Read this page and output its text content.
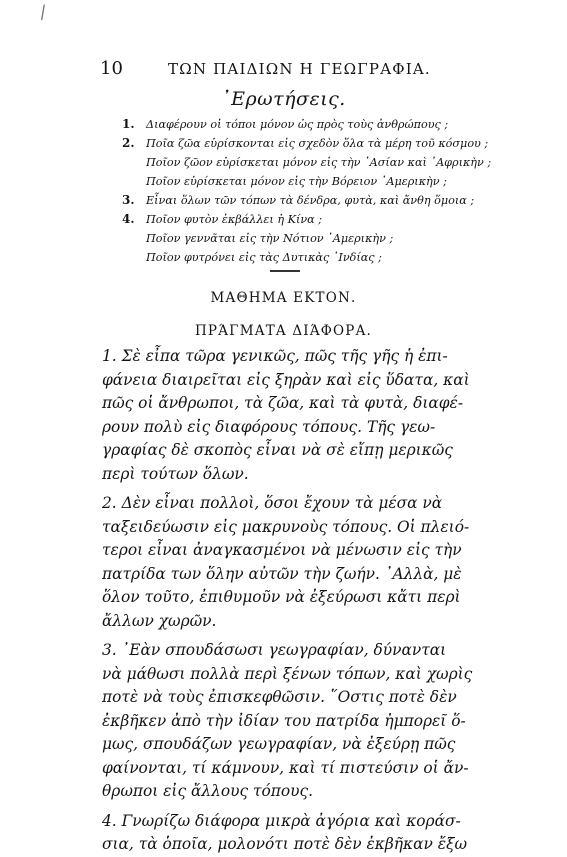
/
10	ΤΩΝ ΠΑΙΔΙΩΝ Η ΓΕΩΓΡΑΦΙΑ.
᾿Ερωτήσεις.
1. Διαφέρουν οἱ τόποι μόνον ὡς πρὸς τοὺς ἀνθρώπους ;
2. Ποῖα ζῶα εὑρίσκονται εἰς σχεδὸν ὅλα τὰ μέρη τοῦ κόσμου ;
Ποῖον ζῶον εὑρίσκεται μόνον εἰς τὴν ᾿Ασίαν καὶ ᾿Αφρικὴν ;
Ποῖον εὑρίσκεται μόνον εἰς τὴν Βόρειον ᾿Αμερικὴν ;
3. Εἶναι ὅλων τῶν τόπων τὰ δένδρα, φυτὰ, καὶ ἄνθη ὅμοια ;
4. Ποῖον φυτὸν ἐκβάλλει ἡ Κίνα ;
Ποῖον γεννᾶται εἰς τὴν Νότιον ᾿Αμερικὴν ;
Ποῖον φυτρόνει εἰς τὰς Δυτικὰς ᾿Ινδίας ;
ΜΑΘΗΜΑ ΕΚΤΟΝ.
ΠΡΆΓΜΑΤΑ ΔΙΆΦΟΡΑ.
1. Σὲ εἶπα τῶρα γενικῶς, πῶς τῆς γῆς ἡ ἐπι-
φάνεια διαιρεῖται εἰς ξηρὰν καὶ εἰς ὕδατα, καὶ
πῶς οἱ ἄνθρωποι, τὰ ζῶα, καὶ τὰ φυτὰ, διαφέ-
ρουν πολὺ εἰς διαφόρους τόπους. Τῆς γεω-
γραφίας δὲ σκοπὸς εἶναι νὰ σὲ εἴπῃ μερικῶς
περὶ τούτων ὅλων.
2. Δὲν εἶναι πολλοὶ, ὅσοι ἔχουν τὰ μέσα νὰ
ταξειδεύωσιν εἰς μακρυνοὺς τόπους. Οἱ πλειό-
τεροι εἶναι ἀναγκασμένοι νὰ μένωσιν εἰς τὴν
πατρίδα των ὅλην αὐτῶν τὴν ζωήν. ᾿Αλλὰ, μὲ
ὅλον τοῦτο, ἐπιθυμοῦν νὰ ἐξεύρωσι κἄτι περὶ
ἄλλων χωρῶν.
3. ᾿Εὰν σπουδάσωσι γεωγραφίαν, δύνανται
νὰ μάθωσι πολλὰ περὶ ξένων τόπων, καὶ χωρὶς
ποτὲ νὰ τοὺς ἐπισκεφθῶσιν. ῞Οστις ποτὲ δὲν
ἐκβῆκεν ἀπὸ τὴν ἰδίαν του πατρίδα ἠμπορεῖ ὅ-
μως, σπουδάζων γεωγραφίαν, νὰ ἐξεύρῃ πῶς
φαίνονται, τί κάμνουν, καὶ τί πιστεύσιν οἱ ἄν-
θρωποι εἰς ἄλλους τόπους.
4. Γνωρίζω διάφορα μικρὰ ἀγόρια καὶ κοράσ-
σια, τὰ ὁποῖα, μολονότι ποτὲ δὲν ἐκβῆκαν ἔξω
